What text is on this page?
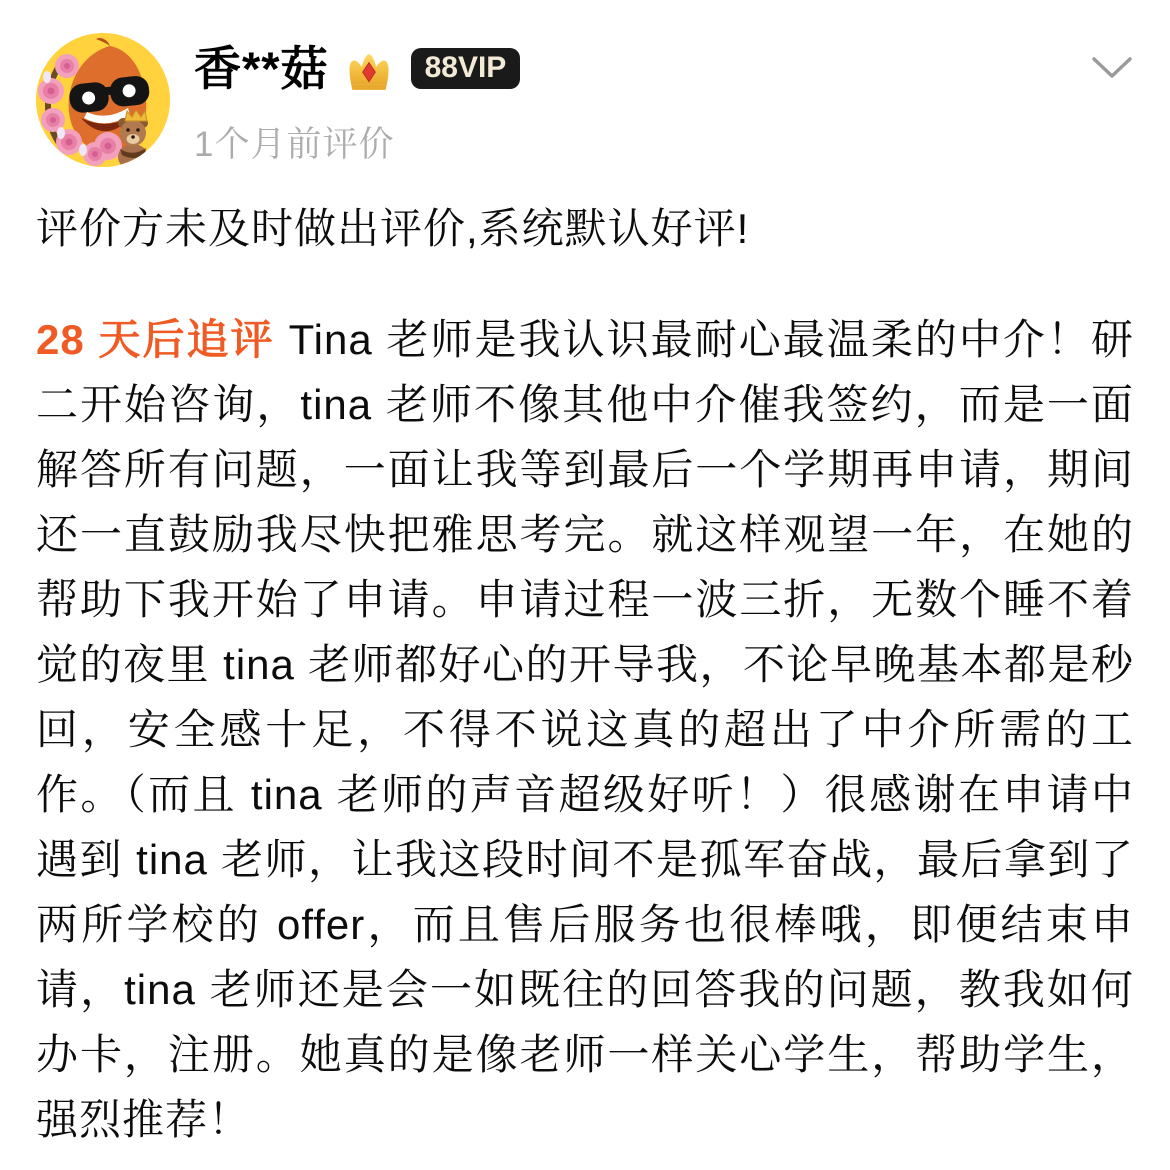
香**菇	88VIP
1个月前评价

评价方未及时做出评价,系统默认好评!

28 天后追评 Tina 老师是我认识最耐心最温柔的中介！研二开始咨询，tina 老师不像其他中介催我签约，而是一面解答所有问题，一面让我等到最后一个学期再申请，期间还一直鼓励我尽快把雅思考完。就这样观望一年，在她的帮助下我开始了申请。申请过程一波三折，无数个睡不着觉的夜里 tina 老师都好心的开导我，不论早晚基本都是秒回，安全感十足，不得不说这真的超出了中介所需的工作。（而且 tina 老师的声音超级好听！）很感谢在申请中遇到 tina 老师，让我这段时间不是孤军奋战，最后拿到了两所学校的 offer，而且售后服务也很棒哦，即便结束申请，tina 老师还是会一如既往的回答我的问题，教我如何办卡，注册。她真的是像老师一样关心学生，帮助学生，强烈推荐！
